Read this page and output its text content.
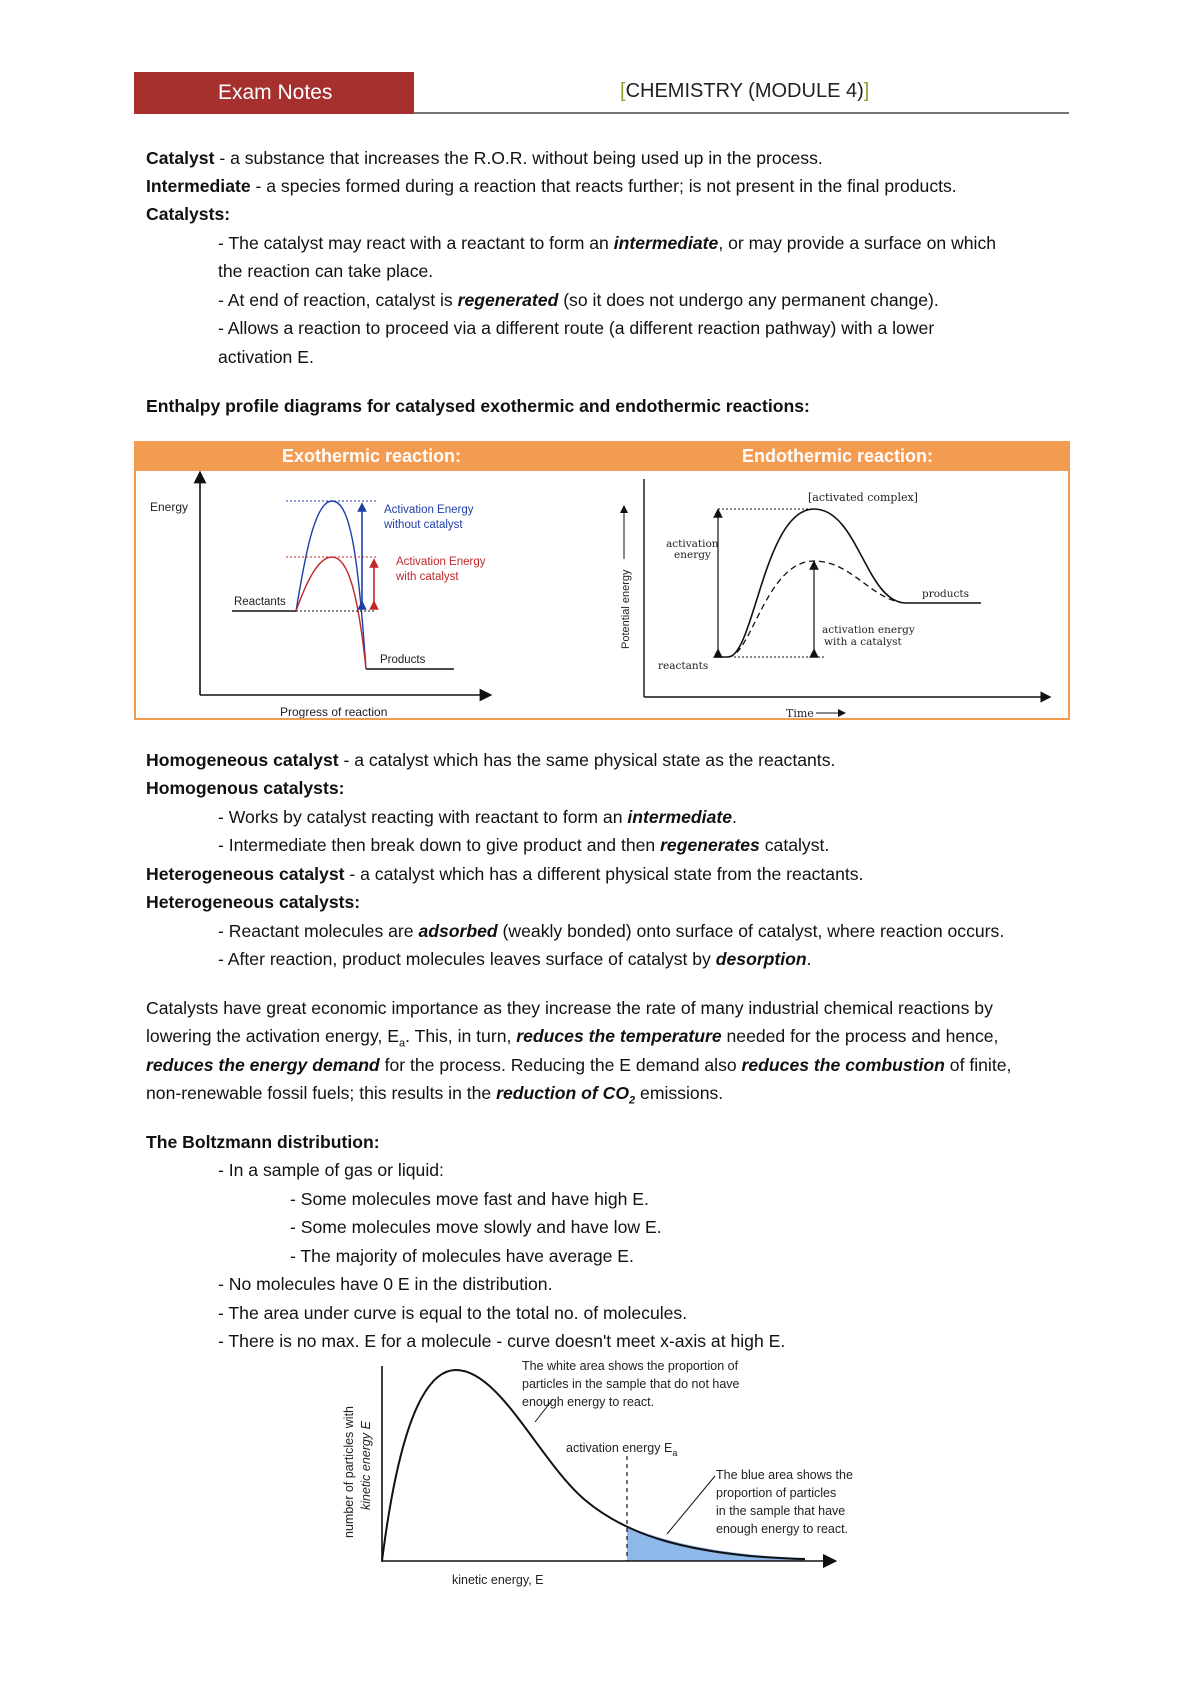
Exam Notes	[CHEMISTRY (MODULE 4)]
Catalyst - a substance that increases the R.O.R. without being used up in the process.
Intermediate - a species formed during a reaction that reacts further; is not present in the final products.
Catalysts:
- The catalyst may react with a reactant to form an intermediate, or may provide a surface on which
the reaction can take place.
- At end of reaction, catalyst is regenerated (so it does not undergo any permanent change).
- Allows a reaction to proceed via a different route (a different reaction pathway) with a lower
activation E.
Enthalpy profile diagrams for catalysed exothermic and endothermic reactions:
Exothermic reaction:	Endothermic reaction:
Energy
Progress of reaction
Reactants
Products
Activation Energy
without catalyst
Activation Energy
with catalyst	Potential energy
[activated complex]
activation
energy
products
reactants
activation energy
with a catalyst
Time
Homogeneous catalyst - a catalyst which has the same physical state as the reactants.
Homogenous catalysts:
- Works by catalyst reacting with reactant to form an intermediate.
- Intermediate then break down to give product and then regenerates catalyst.
Heterogeneous catalyst - a catalyst which has a different physical state from the reactants.
Heterogeneous catalysts:
- Reactant molecules are adsorbed (weakly bonded) onto surface of catalyst, where reaction occurs.
- After reaction, product molecules leaves surface of catalyst by desorption.
Catalysts have great economic importance as they increase the rate of many industrial chemical reactions by
lowering the activation energy, $E_a$. This, in turn, reduces the temperature needed for the process and hence,
reduces the energy demand for the process. Reducing the E demand also reduces the combustion of finite,
non-renewable fossil fuels; this results in the reduction of $CO_2$ emissions.
The Boltzmann distribution:
- In a sample of gas or liquid:
- Some molecules move fast and have high E.
- Some molecules move slowly and have low E.
- The majority of molecules have average E.
- No molecules have 0 E in the distribution.
- The area under curve is equal to the total no. of molecules.
- There is no max. E for a molecule - curve doesn't meet x-axis at high E.
number of particles with kinetic energy E
kinetic energy, E
activation energy $E_a$
The white area shows the proportion of
particles in the sample that do not have
enough energy to react.
The blue area shows the
proportion of particles
in the sample that have
enough energy to react.
